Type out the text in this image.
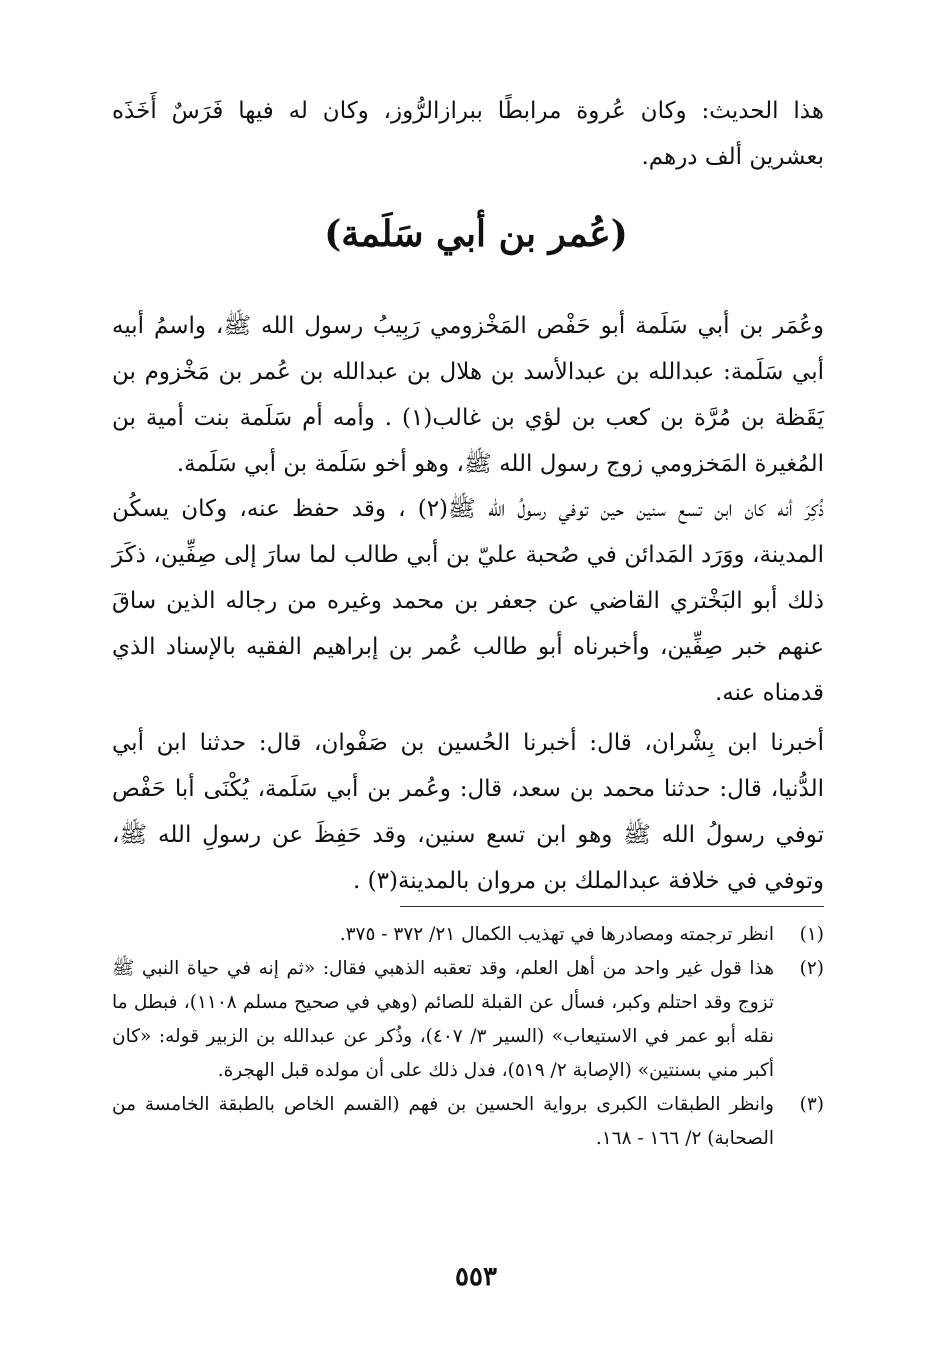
هذا الحديث: وكان عُروة مرابطًا ببرازالرُّوز، وكان له فيها فَرَسٌ أَخَذَه بعشرين ألف درهم.

(عُمر بن أبي سَلَمة)

وعُمَر بن أبي سَلَمة أبو حَفْص المَخْزومي رَبِيبُ رسول الله ﷺ، واسمُ أبيه أبي سَلَمة: عبدالله بن عبدالأسد بن هلال بن عبدالله بن عُمر بن مَخْزوم بن يَقَظة بن مُرَّة بن كعب بن لؤي بن غالب(١) . وأمه أم سَلَمة بنت أمية بن المُغيرة المَخزومي زوج رسول الله ﷺ، وهو أخو سَلَمة بن أبي سَلَمة.

ذُكِرَ أنه كان ابن تسع سنين حين توفي رسولُ الله ﷺ(٢) ، وقد حفظ عنه، وكان يسكُن المدينة، ووَرَد المَدائن في صُحبة عليّ بن أبي طالب لما سارَ إلى صِفِّين، ذكَرَ ذلك أبو البَخْتري القاضي عن جعفر بن محمد وغيره من رجاله الذين ساقَ عنهم خبر صِفِّين، وأخبرناه أبو طالب عُمر بن إبراهيم الفقيه بالإسناد الذي قدمناه عنه.

أخبرنا ابن بِشْران، قال: أخبرنا الحُسين بن صَفْوان، قال: حدثنا ابن أبي الدُّنيا، قال: حدثنا محمد بن سعد، قال: وعُمر بن أبي سَلَمة، يُكْنَى أبا حَفْص توفي رسولُ الله ﷺ وهو ابن تسع سنين، وقد حَفِظَ عن رسولِ الله ﷺ، وتوفي في خلافة عبدالملك بن مروان بالمدينة(٣) .

(١)
انظر ترجمته ومصادرها في تهذيب الكمال ٢١/ ٣٧٢ - ٣٧٥.
(٢)
هذا قول غير واحد من أهل العلم، وقد تعقبه الذهبي فقال: «ثم إنه في حياة النبي ﷺ تزوج وقد احتلم وكبر، فسأل عن القبلة للصائم (وهي في صحيح مسلم ١١٠٨)، فبطل ما نقله أبو عمر في الاستيعاب» (السير ٣/ ٤٠٧)، وذُكر عن عبدالله بن الزبير قوله: «كان أكبر مني بسنتين» (الإصابة ٢/ ٥١٩)، فدل ذلك على أن مولده قبل الهجرة.
(٣)
وانظر الطبقات الكبرى برواية الحسين بن فهم (القسم الخاص بالطبقة الخامسة من الصحابة) ٢/ ١٦٦ - ١٦٨.
٥٥٣
